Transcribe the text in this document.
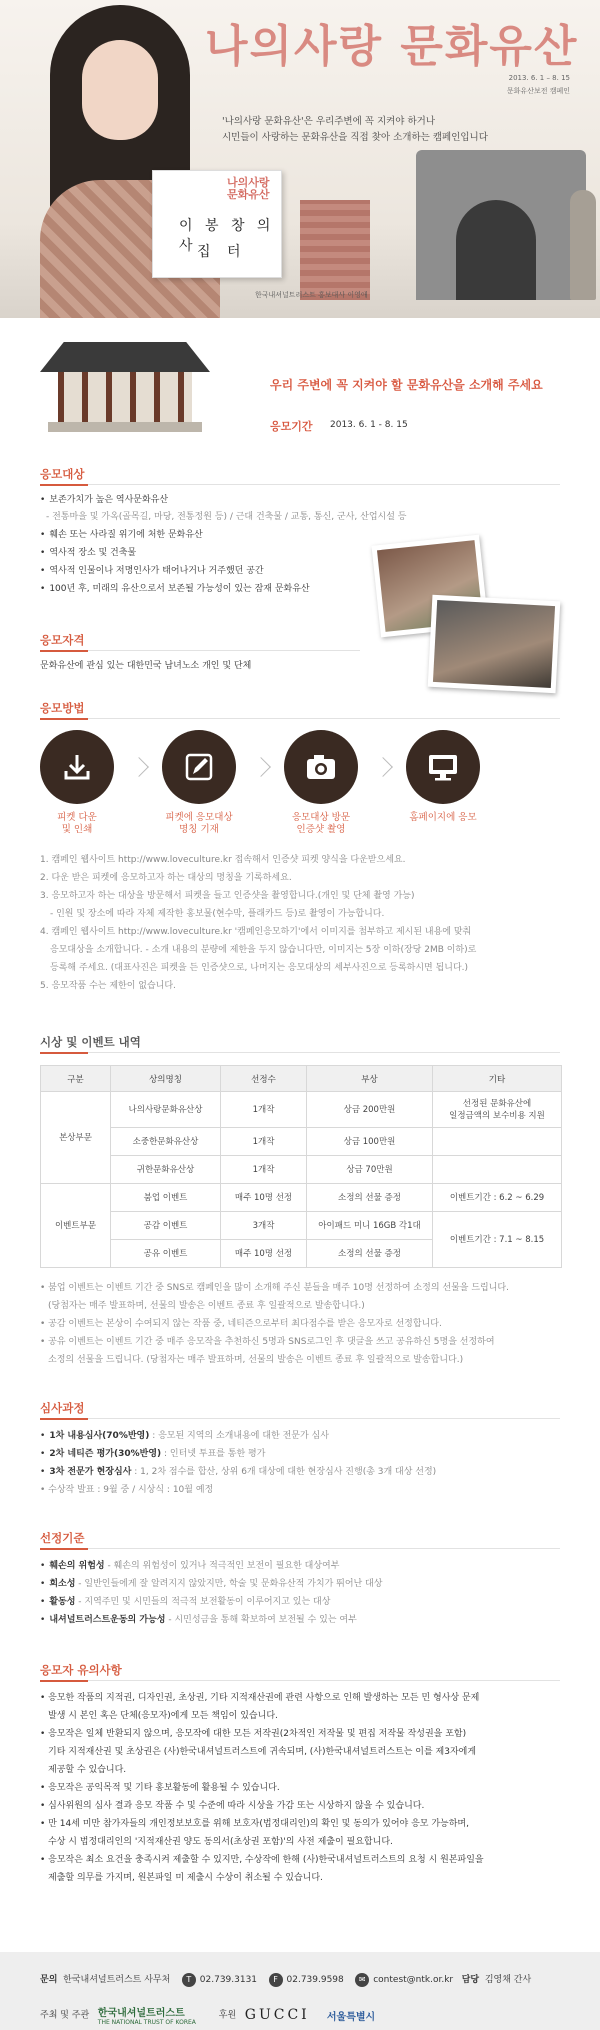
나의사랑 문화유산
이 봉 창 의 사 집 터
나의사랑 문화유산
2013. 6. 1 – 8. 15
문화유산보전 캠페인
'나의사랑 문화유산'은 우리주변에 꼭 지켜야 하거나
시민들이 사랑하는 문화유산을 직접 찾아 소개하는 캠페인입니다
한국내셔널트러스트 홍보대사 이영애
우리 주변에 꼭 지켜야 할 문화유산을 소개해 주세요
응모기간 2013. 6. 1 - 8. 15
응모대상
• 보존가치가 높은 역사문화유산
- 전통마을 및 가옥(골목길, 마당, 전통정원 등) / 근대 건축물 / 교통, 통신, 군사, 산업시설 등
• 훼손 또는 사라질 위기에 처한 문화유산
• 역사적 장소 및 건축물
• 역사적 인물이나 저명인사가 태어나거나 거주했던 공간
• 100년 후, 미래의 유산으로서 보존될 가능성이 있는 잠재 문화유산
응모자격
문화유산에 관심 있는 대한민국 남녀노소 개인 및 단체
응모방법
피켓 다운
및 인쇄
피켓에 응모대상
명칭 기재
응모대상 방문
인증샷 촬영
홈페이지에 응모
1. 캠페인 웹사이트 http://www.loveculture.kr 접속해서 인증샷 피켓 양식을 다운받으세요.
2. 다운 받은 피켓에 응모하고자 하는 대상의 명칭을 기록하세요.
3. 응모하고자 하는 대상을 방문해서 피켓을 들고 인증샷을 촬영합니다.(개인 및 단체 촬영 가능)
- 인원 및 장소에 따라 자체 제작한 홍보물(현수막, 플래카드 등)로 촬영이 가능합니다.
4. 캠페인 웹사이트 http://www.loveculture.kr '캠페인응모하기'에서 이미지를 첨부하고 제시된 내용에 맞춰
응모대상을 소개합니다. - 소개 내용의 분량에 제한을 두지 않습니다만, 이미지는 5장 이하(장당 2MB 이하)로
등록해 주세요. (대표사진은 피켓을 든 인증샷으로, 나머지는 응모대상의 세부사진으로 등록하시면 됩니다.)
5. 응모작품 수는 제한이 없습니다.
시상 및 이벤트 내역
구분	상의명칭	선정수	부상	기타
본상부문	나의사랑문화유산상	1개작	상금 200만원	선정된 문화유산에
일정금액의 보수비용 지원

	소중한문화유산상	1개작	상금 100만원	
	귀한문화유산상	1개작	상금 70만원	
이벤트부문	붐업 이벤트	매주 10명 선정	소정의 선물 증정	이벤트기간 : 6.2 ~ 6.29
	공감 이벤트	3개작	아이패드 미니 16GB 각1대	이벤트기간 : 7.1 ~ 8.15
	공유 이벤트	매주 10명 선정	소정의 선물 증정	
• 붐업 이벤트는 이벤트 기간 중 SNS로 캠페인을 많이 소개해 주신 분들을 매주 10명 선정하여 소정의 선물을 드립니다.
(당첨자는 매주 발표하며, 선물의 발송은 이벤트 종료 후 일괄적으로 발송합니다.)
• 공감 이벤트는 본상이 수여되지 않는 작품 중, 네티즌으로부터 최다점수를 받은 응모자로 선정합니다.
• 공유 이벤트는 이벤트 기간 중 매주 응모작을 추천하신 5명과 SNS로그인 후 댓글을 쓰고 공유하신 5명을 선정하여
소정의 선물을 드립니다. (당첨자는 매주 발표하며, 선물의 발송은 이벤트 종료 후 일괄적으로 발송합니다.)
심사과정
• 1차 내용심사(70%반영) : 응모된 지역의 소개내용에 대한 전문가 심사
• 2차 네티즌 평가(30%반영) : 인터넷 투표를 통한 평가
• 3차 전문가 현장심사 : 1, 2차 점수를 합산, 상위 6개 대상에 대한 현장심사 진행(총 3개 대상 선정)
• 수상작 발표 : 9월 중 / 시상식 : 10월 예정
선정기준
• 훼손의 위험성 - 훼손의 위험성이 있거나 적극적인 보전이 필요한 대상여부
• 희소성 - 일반인들에게 잘 알려지지 않았지만, 학술 및 문화유산적 가치가 뛰어난 대상
• 활동성 - 지역주민 및 시민들의 적극적 보전활동이 이루어지고 있는 대상
• 내셔널트러스트운동의 가능성 - 시민성금을 통해 확보하여 보전될 수 있는 여부
응모자 유의사항
• 응모한 작품의 지적권, 디자인권, 초상권, 기타 지적재산권에 관련 사항으로 인해 발생하는 모든 민 형사상 문제
발생 시 본인 혹은 단체(응모자)에게 모든 책임이 있습니다.
• 응모작은 일체 반환되지 않으며, 응모작에 대한 모든 저작권(2차적인 저작물 및 편집 저작물 작성권을 포함)
기타 지적재산권 및 초상권은 (사)한국내셔널트러스트에 귀속되며, (사)한국내셔널트러스트는 이를 제3자에게
제공할 수 있습니다.
• 응모작은 공익목적 및 기타 홍보활동에 활용될 수 있습니다.
• 심사위원의 심사 결과 응모 작품 수 및 수준에 따라 시상을 가감 또는 시상하지 않을 수 있습니다.
• 만 14세 미만 참가자들의 개인정보보호를 위해 보호자(법정대리인)의 확인 및 동의가 있어야 응모 가능하며,
수상 시 법정대리인의 '지적재산권 양도 동의서(초상권 포함)'의 사전 제출이 필요합니다.
• 응모작은 최소 요건을 충족시켜 제출할 수 있지만, 수상작에 한해 (사)한국내셔널트러스트의 요청 시 원본파일을
제출할 의무를 가지며, 원본파일 미 제출시 수상이 취소될 수 있습니다.
문의 한국내셔널트러스트 사무처 T 02.739.3131 F 02.739.9598 ✉ contest@ntk.or.kr 담당 김영채 간사
주최 및 주관 한국내셔널트러스트
THE NATIONAL TRUST OF KOREA
후원 GUCCI 서울특별시
